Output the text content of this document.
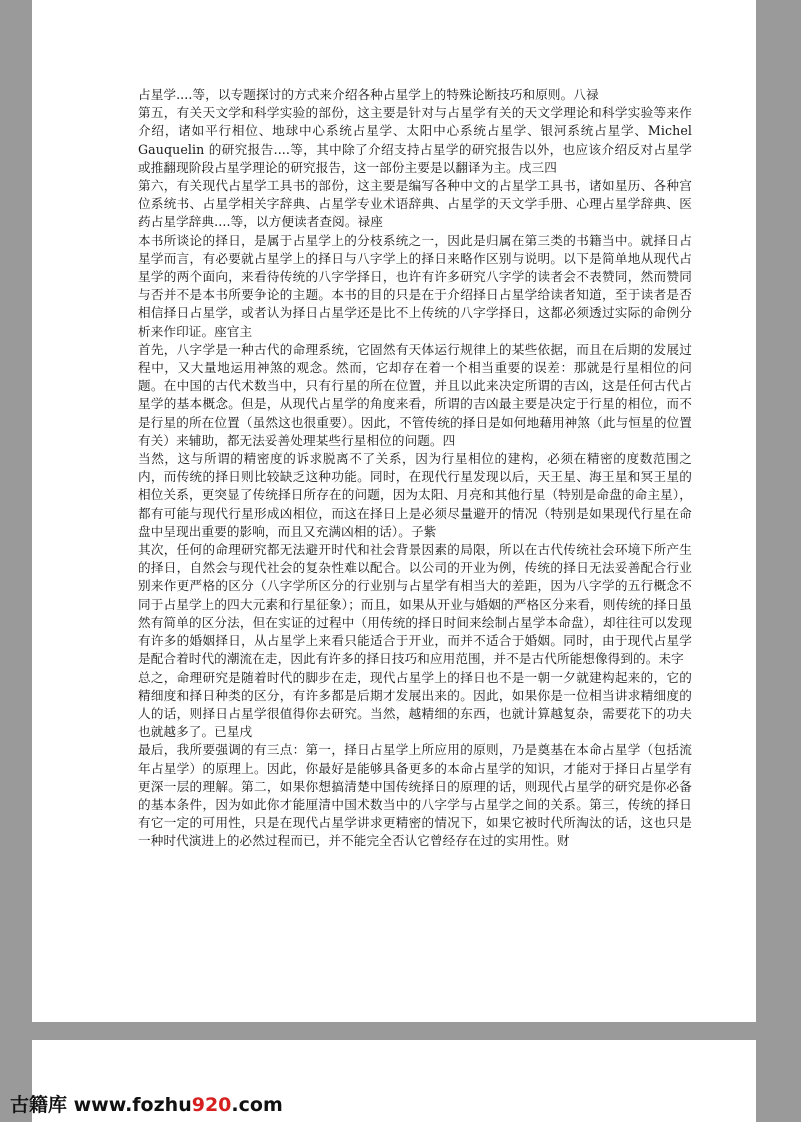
占星学....等，以专题探讨的方式来介绍各种占星学上的特殊论断技巧和原则。八禄

第五，有关天文学和科学实验的部份，这主要是针对与占星学有关的天文学理论和科学实验等来作介绍，诸如平行相位、地球中心系统占星学、太阳中心系统占星学、银河系统占星学、Michel Gauquelin 的研究报告....等，其中除了介绍支持占星学的研究报告以外，也应该介绍反对占星学或推翻现阶段占星学理论的研究报告，这一部份主要是以翻译为主。戌三四

第六，有关现代占星学工具书的部份，这主要是编写各种中文的占星学工具书，诸如星历、各种宫位系统书、占星学相关字辞典、占星学专业术语辞典、占星学的天文学手册、心理占星学辞典、医药占星学辞典....等，以方便读者查阅。禄座

本书所谈论的择日，是属于占星学上的分枝系统之一，因此是归属在第三类的书籍当中。就择日占星学而言，有必要就占星学上的择日与八字学上的择日来略作区别与说明。以下是简单地从现代占星学的两个面向，来看待传统的八字学择日，也许有许多研究八字学的读者会不表赞同，然而赞同与否并不是本书所要争论的主题。本书的目的只是在于介绍择日占星学给读者知道，至于读者是否相信择日占星学，或者认为择日占星学还是比不上传统的八字学择日，这都必须透过实际的命例分析来作印证。座官主

首先，八字学是一种古代的命理系统，它固然有天体运行规律上的某些依据，而且在后期的发展过程中，又大量地运用神煞的观念。然而，它却存在着一个相当重要的误差：那就是行星相位的问题。在中国的古代术数当中，只有行星的所在位置，并且以此来决定所谓的吉凶，这是任何古代占星学的基本概念。但是，从现代占星学的角度来看，所谓的吉凶最主要是决定于行星的相位，而不是行星的所在位置（虽然这也很重要）。因此，不管传统的择日是如何地藉用神煞（此与恒星的位置有关）来辅助，都无法妥善处理某些行星相位的问题。四

当然，这与所谓的精密度的诉求脱离不了关系，因为行星相位的建构，必须在精密的度数范围之内，而传统的择日则比较缺乏这种功能。同时，在现代行星发现以后，天王星、海王星和冥王星的相位关系，更突显了传统择日所存在的问题，因为太阳、月亮和其他行星（特别是命盘的命主星），都有可能与现代行星形成凶相位，而这在择日上是必须尽量避开的情况（特别是如果现代行星在命盘中呈现出重要的影响，而且又充满凶相的话）。子紫

其次，任何的命理研究都无法避开时代和社会背景因素的局限，所以在古代传统社会环境下所产生的择日，自然会与现代社会的复杂性难以配合。以公司的开业为例，传统的择日无法妥善配合行业别来作更严格的区分（八字学所区分的行业别与占星学有相当大的差距，因为八字学的五行概念不同于占星学上的四大元素和行星征象）；而且，如果从开业与婚姻的严格区分来看，则传统的择日虽然有简单的区分法，但在实证的过程中（用传统的择日时间来绘制占星学本命盘），却往往可以发现有许多的婚姻择日，从占星学上来看只能适合于开业，而并不适合于婚姻。同时，由于现代占星学是配合着时代的潮流在走，因此有许多的择日技巧和应用范围，并不是古代所能想像得到的。未字

总之，命理研究是随着时代的脚步在走，现代占星学上的择日也不是一朝一夕就建构起来的，它的精细度和择日种类的区分，有许多都是后期才发展出来的。因此，如果你是一位相当讲求精细度的人的话，则择日占星学很值得你去研究。当然，越精细的东西，也就计算越复杂，需要花下的功夫也就越多了。已星戌

最后，我所要强调的有三点：第一，择日占星学上所应用的原则，乃是奠基在本命占星学（包括流年占星学）的原理上。因此，你最好是能够具备更多的本命占星学的知识，才能对于择日占星学有更深一层的理解。第二，如果你想搞清楚中国传统择日的原理的话，则现代占星学的研究是你必备的基本条件，因为如此你才能厘清中国术数当中的八字学与占星学之间的关系。第三，传统的择日有它一定的可用性，只是在现代占星学讲求更精密的情况下，如果它被时代所淘汰的话，这也只是一种时代演进上的必然过程而已，并不能完全否认它曾经存在过的实用性。财

古籍库 www.fozhu920.com
